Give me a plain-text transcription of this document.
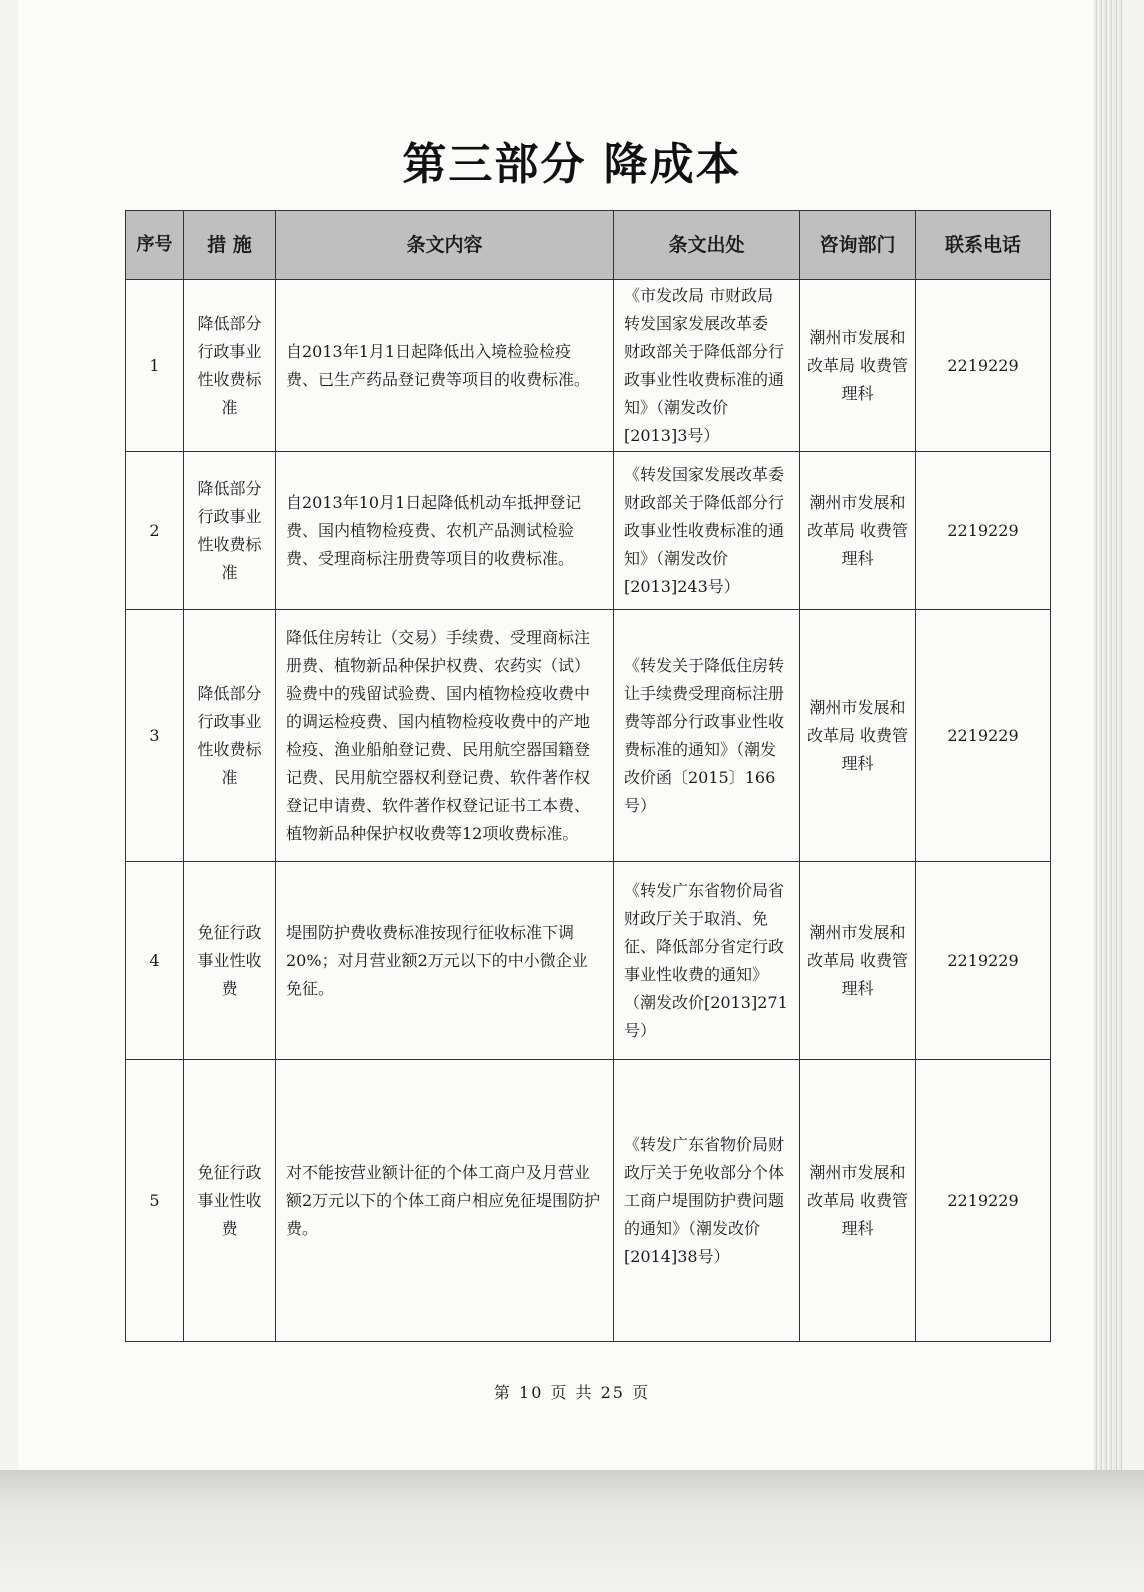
第三部分 降成本
序号	措 施	条文内容	条文出处	咨询部门	联系电话
1	降低部分行政事业性收费标准	自2013年1月1日起降低出入境检验检疫费、已生产药品登记费等项目的收费标准。	《市发改局 市财政局转发国家发展改革委 财政部关于降低部分行政事业性收费标准的通知》（潮发改价[2013]3号）	潮州市发展和改革局 收费管理科	2219229
2	降低部分行政事业性收费标准	自2013年10月1日起降低机动车抵押登记费、国内植物检疫费、农机产品测试检验费、受理商标注册费等项目的收费标准。	《转发国家发展改革委 财政部关于降低部分行政事业性收费标准的通知》（潮发改价[2013]243号）	潮州市发展和改革局 收费管理科	2219229
3	降低部分行政事业性收费标准	降低住房转让（交易）手续费、受理商标注册费、植物新品种保护权费、农药实（试）验费中的残留试验费、国内植物检疫收费中的调运检疫费、国内植物检疫收费中的产地检疫、渔业船舶登记费、民用航空器国籍登记费、民用航空器权利登记费、软件著作权登记申请费、软件著作权登记证书工本费、植物新品种保护权收费等12项收费标准。	《转发关于降低住房转让手续费受理商标注册费等部分行政事业性收费标准的通知》（潮发改价函〔2015〕166号）	潮州市发展和改革局 收费管理科	2219229
4	免征行政事业性收费	堤围防护费收费标准按现行征收标准下调20%；对月营业额2万元以下的中小微企业免征。	《转发广东省物价局省财政厅关于取消、免征、降低部分省定行政事业性收费的通知》（潮发改价[2013]271号）	潮州市发展和改革局 收费管理科	2219229
5	免征行政事业性收费	对不能按营业额计征的个体工商户及月营业额2万元以下的个体工商户相应免征堤围防护费。	《转发广东省物价局财政厅关于免收部分个体工商户堤围防护费问题的通知》（潮发改价[2014]38号）	潮州市发展和改革局 收费管理科	2219229
第 10 页 共 25 页
